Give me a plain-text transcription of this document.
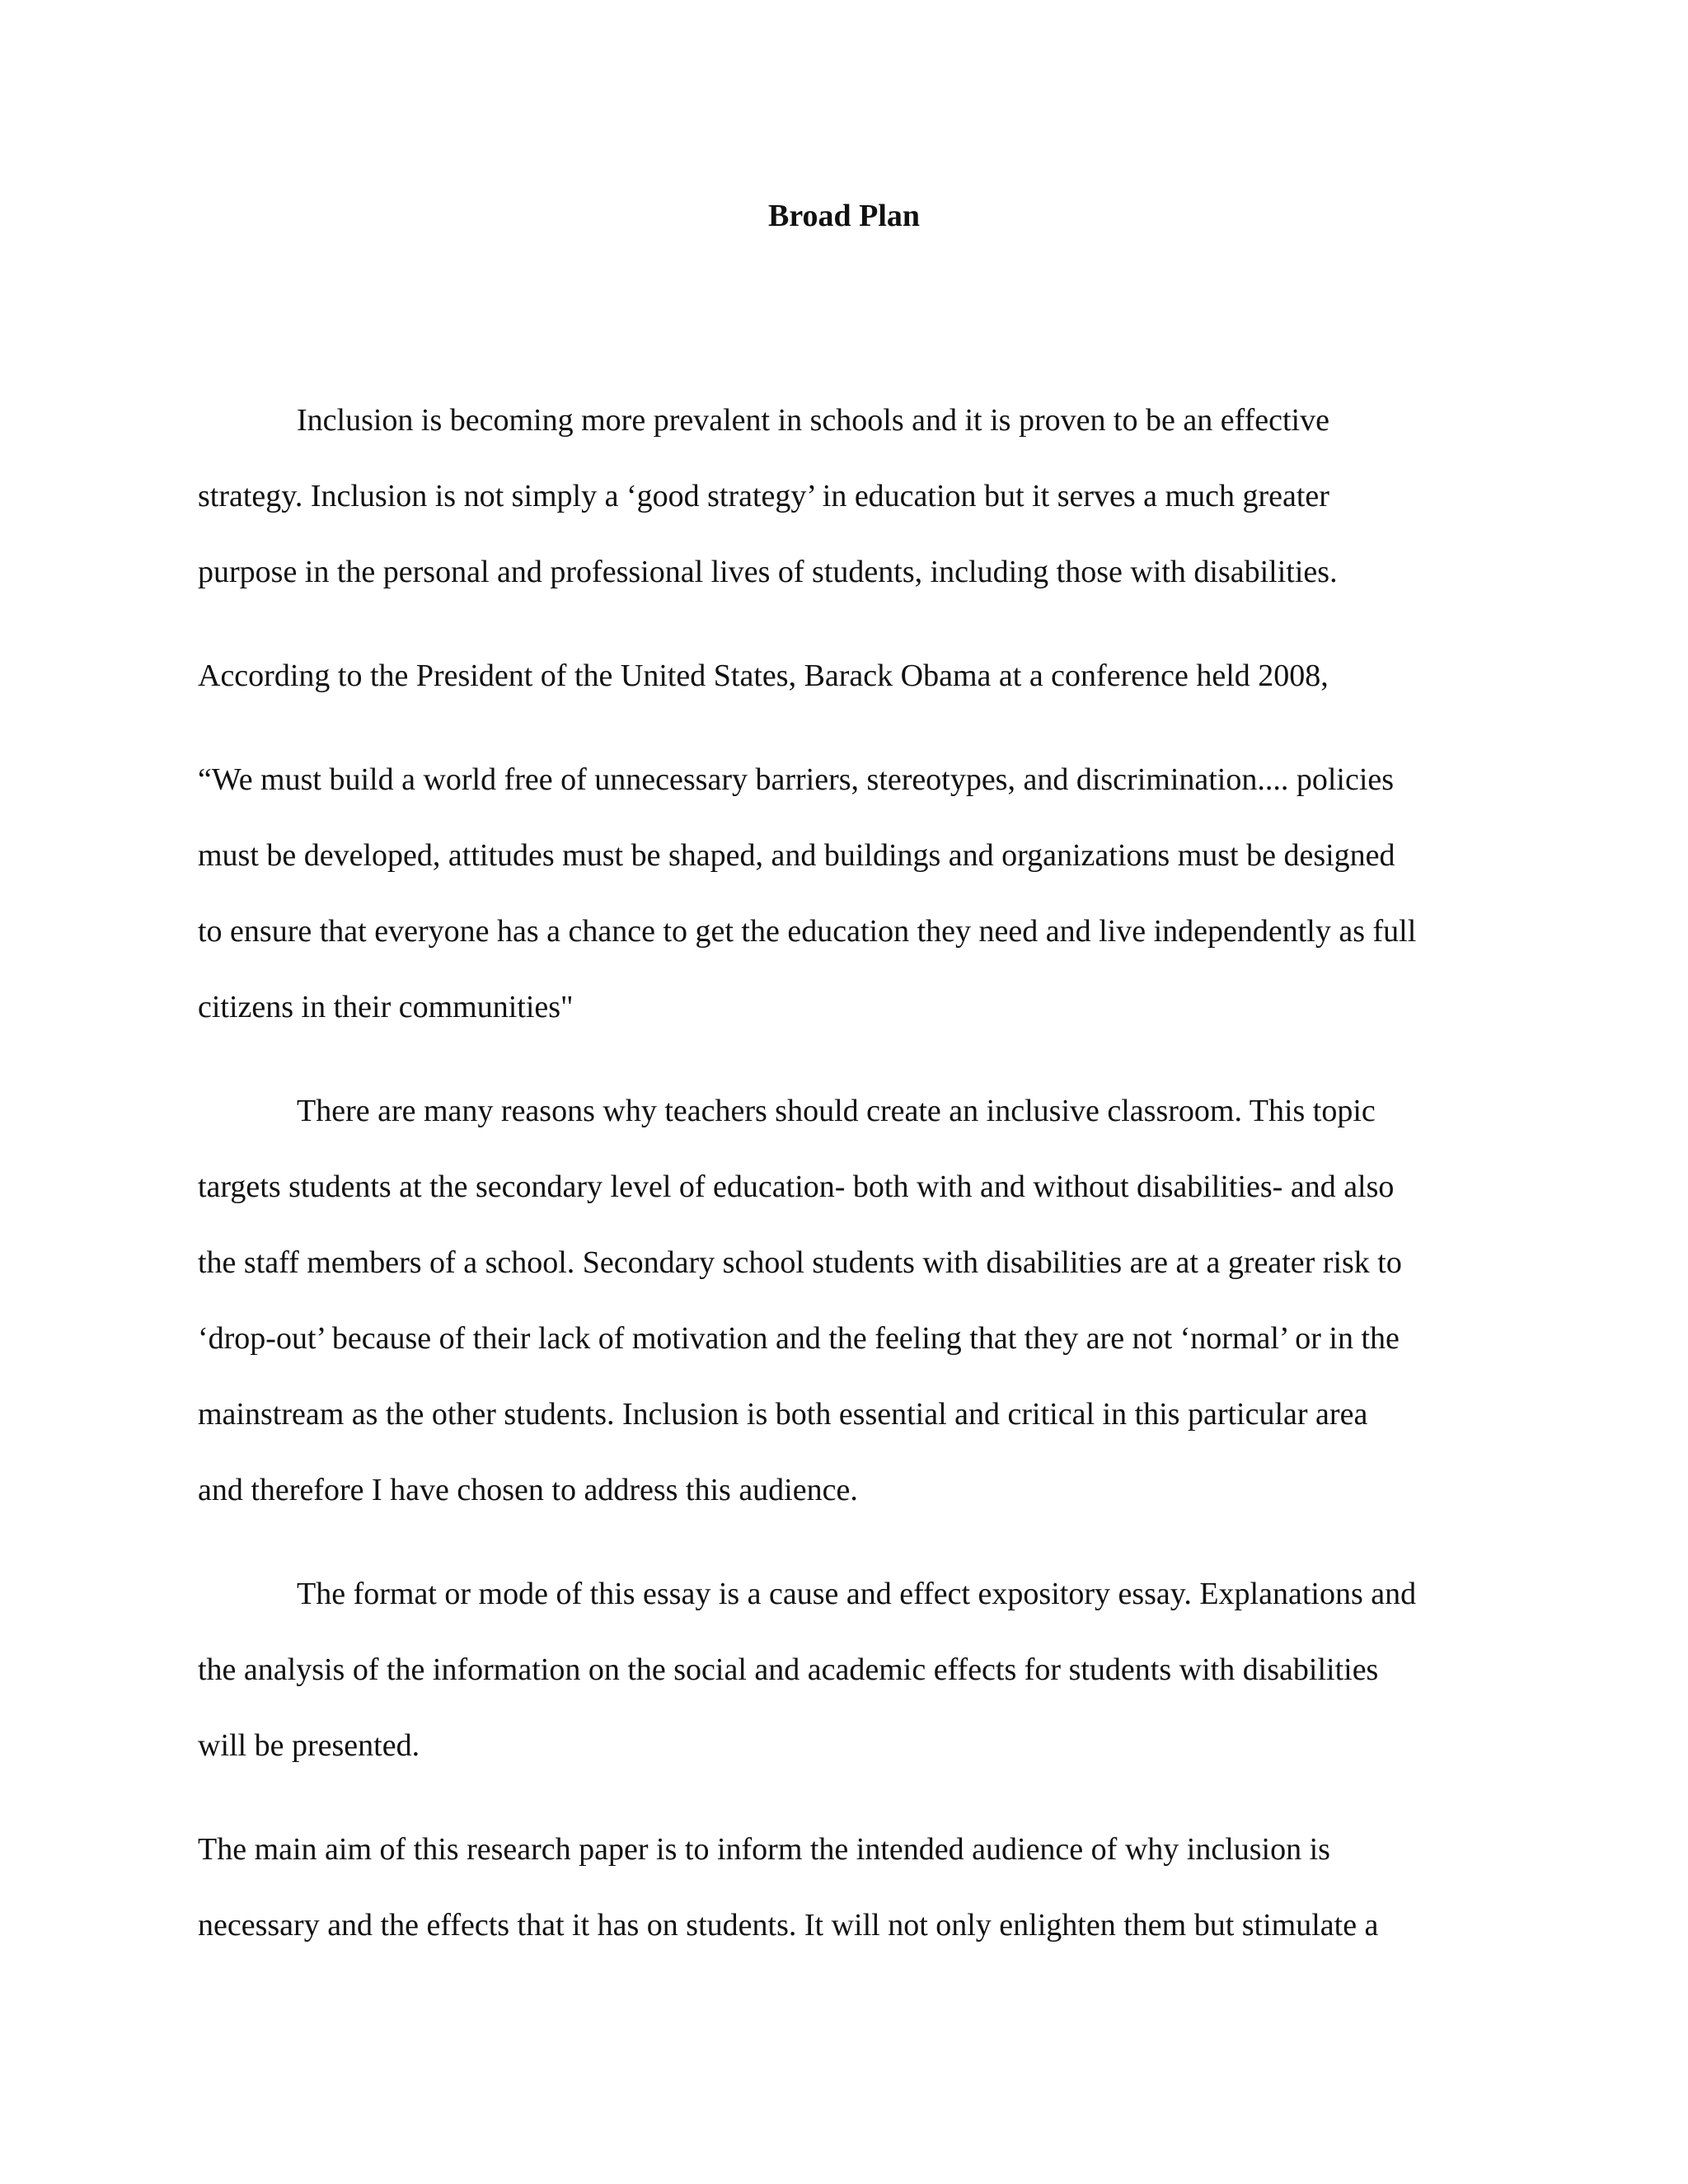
Broad Plan

Inclusion is becoming more prevalent in schools and it is proven to be an effective

strategy. Inclusion is not simply a ‘good strategy’ in education but it serves a much greater

purpose in the personal and professional lives of students, including those with disabilities.

According to the President of the United States, Barack Obama at a conference held 2008,

“We must build a world free of unnecessary barriers, stereotypes, and discrimination.... policies

must be developed, attitudes must be shaped, and buildings and organizations must be designed

to ensure that everyone has a chance to get the education they need and live independently as full

citizens in their communities"

There are many reasons why teachers should create an inclusive classroom. This topic

targets students at the secondary level of education- both with and without disabilities- and also

the staff members of a school. Secondary school students with disabilities are at a greater risk to

‘drop-out’ because of their lack of motivation and the feeling that they are not ‘normal’ or in the

mainstream as the other students. Inclusion is both essential and critical in this particular area

and therefore I have chosen to address this audience.

The format or mode of this essay is a cause and effect expository essay. Explanations and

the analysis of the information on the social and academic effects for students with disabilities

will be presented.

The main aim of this research paper is to inform the intended audience of why inclusion is

necessary and the effects that it has on students. It will not only enlighten them but stimulate a
